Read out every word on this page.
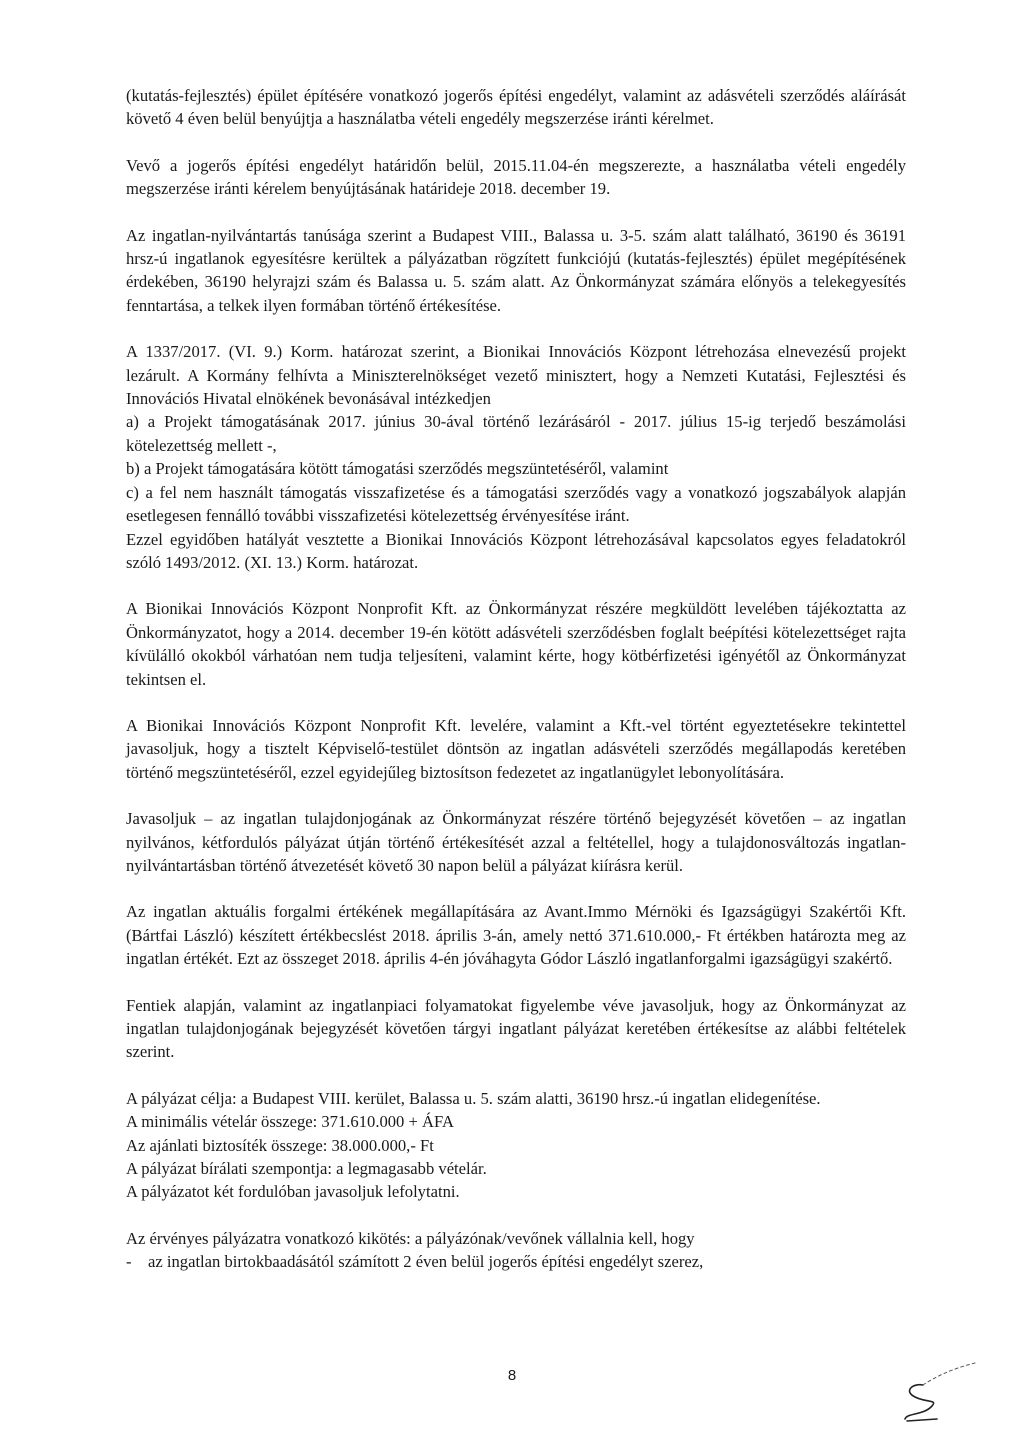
(kutatás-fejlesztés) épület építésére vonatkozó jogerős építési engedélyt, valamint az adásvételi szerződés aláírását követő 4 éven belül benyújtja a használatba vételi engedély megszerzése iránti kérelmet.

Vevő a jogerős építési engedélyt határidőn belül, 2015.11.04-én megszerezte, a használatba vételi engedély megszerzése iránti kérelem benyújtásának határideje 2018. december 19.

Az ingatlan-nyilvántartás tanúsága szerint a Budapest VIII., Balassa u. 3-5. szám alatt található, 36190 és 36191 hrsz-ú ingatlanok egyesítésre kerültek a pályázatban rögzített funkciójú (kutatás-fejlesztés) épület megépítésének érdekében, 36190 helyrajzi szám és Balassa u. 5. szám alatt. Az Önkormányzat számára előnyös a telekegyesítés fenntartása, a telkek ilyen formában történő értékesítése.

A 1337/2017. (VI. 9.) Korm. határozat szerint, a Bionikai Innovációs Központ létrehozása elnevezésű projekt lezárult. A Kormány felhívta a Miniszterelnökséget vezető minisztert, hogy a Nemzeti Kutatási, Fejlesztési és Innovációs Hivatal elnökének bevonásával intézkedjen
a) a Projekt támogatásának 2017. június 30-ával történő lezárásáról - 2017. július 15-ig terjedő beszámolási kötelezettség mellett -,
b) a Projekt támogatására kötött támogatási szerződés megszüntetéséről, valamint
c) a fel nem használt támogatás visszafizetése és a támogatási szerződés vagy a vonatkozó jogszabályok alapján esetlegesen fennálló további visszafizetési kötelezettség érvényesítése iránt.
Ezzel egyidőben hatályát vesztette a Bionikai Innovációs Központ létrehozásával kapcsolatos egyes feladatokról szóló 1493/2012. (XI. 13.) Korm. határozat.

A Bionikai Innovációs Központ Nonprofit Kft. az Önkormányzat részére megküldött levelében tájékoztatta az Önkormányzatot, hogy a 2014. december 19-én kötött adásvételi szerződésben foglalt beépítési kötelezettséget rajta kívülálló okokból várhatóan nem tudja teljesíteni, valamint kérte, hogy kötbérfizetési igényétől az Önkormányzat tekintsen el.

A Bionikai Innovációs Központ Nonprofit Kft. levelére, valamint a Kft.-vel történt egyeztetésekre tekintettel javasoljuk, hogy a tisztelt Képviselő-testület döntsön az ingatlan adásvételi szerződés megállapodás keretében történő megszüntetéséről, ezzel egyidejűleg biztosítson fedezetet az ingatlanügylet lebonyolítására.

Javasoljuk – az ingatlan tulajdonjogának az Önkormányzat részére történő bejegyzését követően – az ingatlan nyilvános, kétfordulós pályázat útján történő értékesítését azzal a feltétellel, hogy a tulajdonosváltozás ingatlan-nyilvántartásban történő átvezetését követő 30 napon belül a pályázat kiírásra kerül.

Az ingatlan aktuális forgalmi értékének megállapítására az Avant.Immo Mérnöki és Igazságügyi Szakértői Kft. (Bártfai László) készített értékbecslést 2018. április 3-án, amely nettó 371.610.000,- Ft értékben határozta meg az ingatlan értékét. Ezt az összeget 2018. április 4-én jóváhagyta Gódor László ingatlanforgalmi igazságügyi szakértő.

Fentiek alapján, valamint az ingatlanpiaci folyamatokat figyelembe véve javasoljuk, hogy az Önkormányzat az ingatlan tulajdonjogának bejegyzését követően tárgyi ingatlant pályázat keretében értékesítse az alábbi feltételek szerint.

A pályázat célja: a Budapest VIII. kerület, Balassa u. 5. szám alatti, 36190 hrsz.-ú ingatlan elidegenítése.
A minimális vételár összege: 371.610.000 + ÁFA
Az ajánlati biztosíték összege: 38.000.000,- Ft
A pályázat bírálati szempontja: a legmagasabb vételár.
A pályázatot két fordulóban javasoljuk lefolytatni.
Az érvényes pályázatra vonatkozó kikötés: a pályázónak/vevőnek vállalnia kell, hogy
- az ingatlan birtokbaadásától számított 2 éven belül jogerős építési engedélyt szerez,
8
